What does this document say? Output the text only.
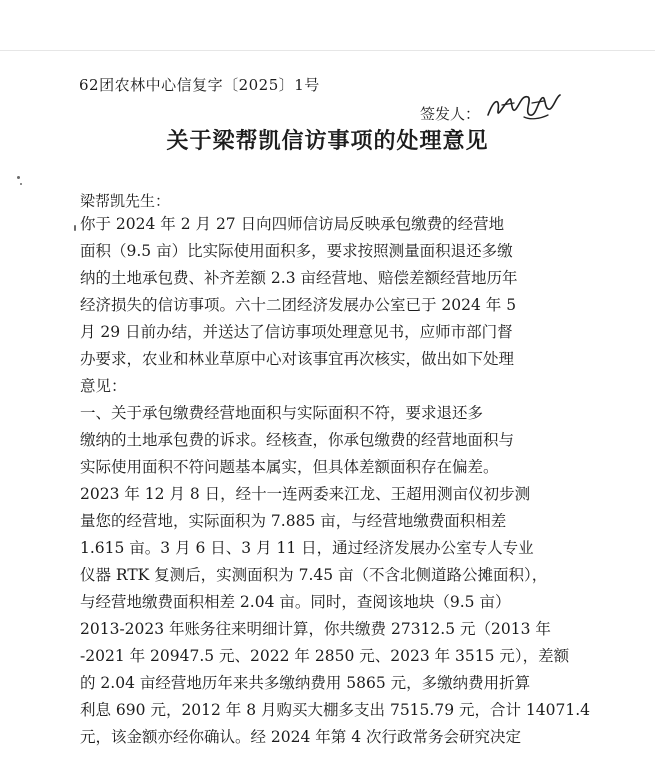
62团农林中心信复字〔2025〕1号
签发人：
关于梁帮凯信访事项的处理意见
梁帮凯先生：
你于 2024 年 2 月 27 日向四师信访局反映承包缴费的经营地
面积（9.5 亩）比实际使用面积多，要求按照测量面积退还多缴
纳的土地承包费、补齐差额 2.3 亩经营地、赔偿差额经营地历年
经济损失的信访事项。六十二团经济发展办公室已于 2024 年 5
月 29 日前办结，并送达了信访事项处理意见书，应师市部门督
办要求，农业和林业草原中心对该事宜再次核实，做出如下处理
意见：
一、关于承包缴费经营地面积与实际面积不符，要求退还多
缴纳的土地承包费的诉求。经核查，你承包缴费的经营地面积与
实际使用面积不符问题基本属实，但具体差额面积存在偏差。
2023 年 12 月 8 日，经十一连两委来江龙、王超用测亩仪初步测
量您的经营地，实际面积为 7.885 亩，与经营地缴费面积相差
1.615 亩。3 月 6 日、3 月 11 日，通过经济发展办公室专人专业
仪器 RTK 复测后，实测面积为 7.45 亩（不含北侧道路公摊面积），
与经营地缴费面积相差 2.04 亩。同时，查阅该地块（9.5 亩）
2013-2023 年账务往来明细计算，你共缴费 27312.5 元（2013 年
-2021 年 20947.5 元、2022 年 2850 元、2023 年 3515 元），差额
的 2.04 亩经营地历年来共多缴纳费用 5865 元，多缴纳费用折算
利息 690 元，2012 年 8 月购买大棚多支出 7515.79 元，合计 14071.4
元，该金额亦经你确认。经 2024 年第 4 次行政常务会研究决定
